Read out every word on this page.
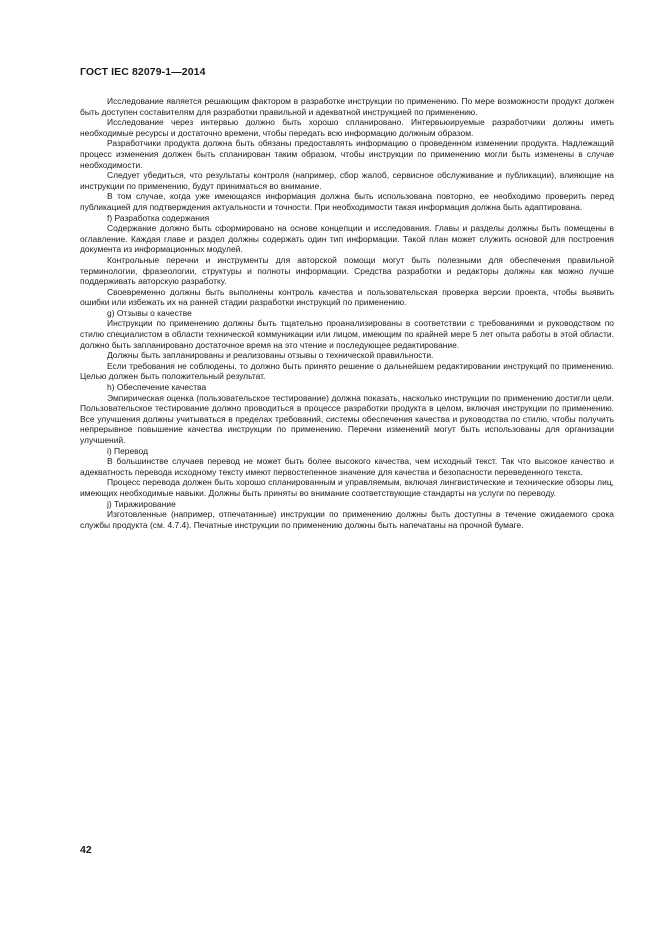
ГОСТ IEC 82079-1—2014

Исследование является решающим фактором в разработке инструкции по применению. По мере возможности продукт должен быть доступен составителям для разработки правильной и адекватной инструкцией по применению.

Исследование через интервью должно быть хорошо спланировано. Интервьюируемые разработчики должны иметь необходимые ресурсы и достаточно времени, чтобы передать всю информацию должным образом.

Разработчики продукта должна быть обязаны предоставлять информацию о проведенном изменении продукта. Надлежащий процесс изменения должен быть спланирован таким образом, чтобы инструкции по применению могли быть изменены в случае необходимости.

Следует убедиться, что результаты контроля (например, сбор жалоб, сервисное обслуживание и публикации), влияющие на инструкции по применению, будут приниматься во внимание.

В том случае, когда уже имеющаяся информация должна быть использована повторно, ее необходимо проверить перед публикацией для подтверждения актуальности и точности. При необходимости такая информация должна быть адаптирована.

f) Разработка содержания

Содержание должно быть сформировано на основе концепции и исследования. Главы и разделы должны быть помещены в оглавление. Каждая главе и раздел должны содержать один тип информации. Такой план может служить основой для построения документа из информационных модулей.

Контрольные перечни и инструменты для авторской помощи могут быть полезными для обеспечения правильной терминологии, фразеологии, структуры и полноты информации. Средства разработки и редакторы должны как можно лучше поддерживать авторскую разработку.

Своевременно должны быть выполнены контроль качества и пользовательская проверка версии проекта, чтобы выявить ошибки или избежать их на ранней стадии разработки инструкций по применению.

g) Отзывы о качестве

Инструкции по применению должны быть тщательно проанализированы в соответствии с требованиями и руководством по стилю специалистом в области технической коммуникации или лицом, имеющим по крайней мере 5 лет опыта работы в этой области. должно быть запланировано достаточное время на это чтение и последующее редактирование.

Должны быть запланированы и реализованы отзывы о технической правильности.

Если требования не соблюдены, то должно быть принято решение о дальнейшем редактировании инструкций по применению. Целью должен быть положительный результат.

h) Обеспечение качества

Эмпирическая оценка (пользовательское тестирование) должна показать, насколько инструкции по применению достигли цели. Пользовательское тестирование должно проводиться в процессе разработки продукта в целом, включая инструкции по применению. Все улучшения должны учитываться в пределах требований, системы обеспечения качества и руководства по стилю, чтобы получить непрерывное повышение качества инструкции по применению. Перечни изменений могут быть использованы для организации улучшений.

i) Перевод

В большинстве случаев перевод не может быть более высокого качества, чем исходный текст. Так что высокое качество и адекватность перевода исходному тексту имеют первостепенное значение для качества и безопасности переведенного текста.

Процесс перевода должен быть хорошо спланированным и управляемым, включая лингвистические и технические обзоры лиц, имеющих необходимые навыки. Должны быть приняты во внимание соответствующие стандарты на услуги по переводу.

j) Тиражирование

Изготовленные (например, отпечатанные) инструкции по применению должны быть доступны в течение ожидаемого срока службы продукта (см. 4.7.4). Печатные инструкции по применению должны быть напечатаны на прочной бумаге.

42
